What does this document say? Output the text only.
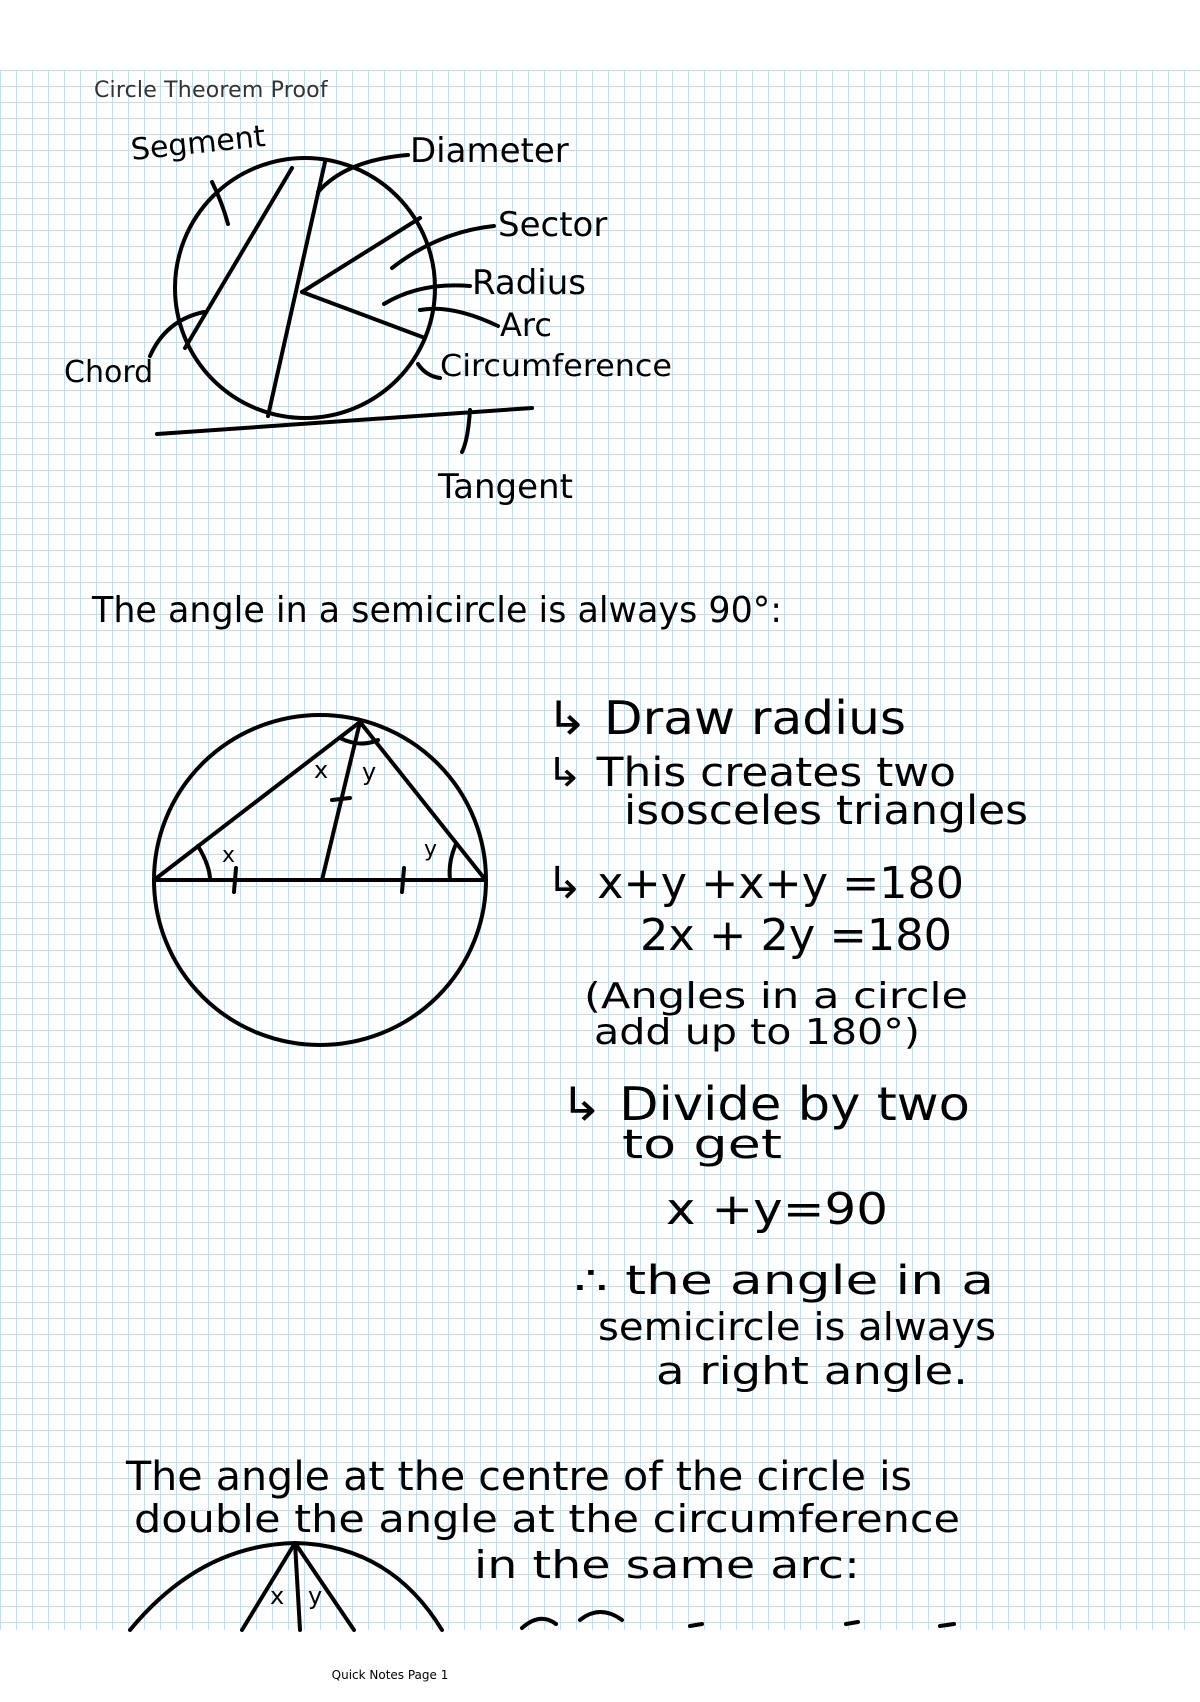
Circle Theorem Proof
Segment	Diameter
Sector
Radius
Arc
Chord	Circumference
Tangent
The angle in a semicircle is always 90°:
x
x y
y
↳ Draw radius
↳ This creates two
isosceles triangles
↳ x+y +x+y =180
2x + 2y =180
(Angles in a circle
add up to 180°)
↳ Divide by two
to get
x +y=90
∴ the angle in a
semicircle is always
a right angle.
The angle at the centre of the circle is
double the angle at the circumference
in the same arc:
x y
Quick Notes Page 1
